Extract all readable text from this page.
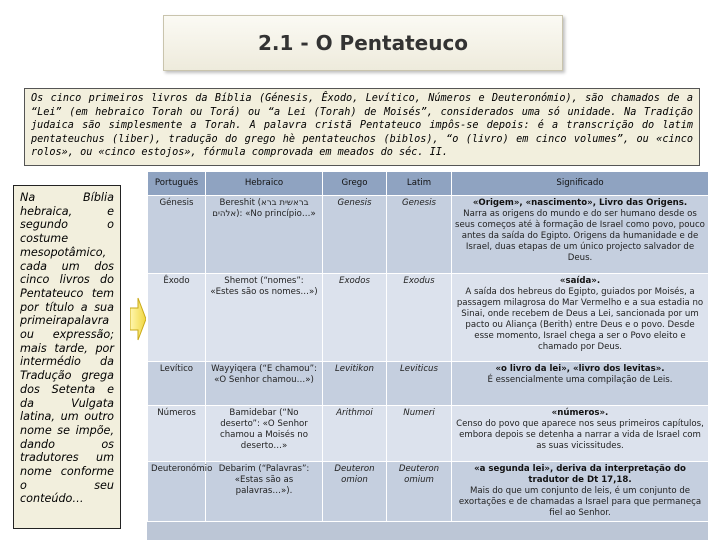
2.1 - O Pentateuco
Os cinco primeiros livros da Bíblia (Génesis, Êxodo, Levítico, Números e Deuteronómio), são chamados de a “Lei” (em hebraico Torah ou Torá) ou “a Lei (Torah) de Moisés”, considerados uma só unidade. Na Tradição judaica são simplesmente a Torah. A palavra cristã Pentateuco impôs-se depois: é a transcrição do latim pentateuchus (liber), tradução do grego hè pentateuchos (biblos), “o (livro) em cinco volumes”, ou «cinco rolos», ou «cinco estojos», fórmula comprovada em meados do séc. II.
Na Bíblia hebraica, e segundo o costume mesopotâmico, cada um dos cinco livros do Pentateuco tem por título a sua primeirapalavra ou expressão; mais tarde, por intermédio da Tradução grega dos Setenta e da Vulgata latina, um outro nome se impõe, dando os tradutores um nome conforme o seu conteúdo…
Português	Hebraico	Grego	Latim	Significado
Génesis	Bereshit (בראשית ברא אלהים): «No princípio…»	Genesis	Genesis	«Origem», «nascimento», Livro das Origens.
Narra as origens do mundo e do ser humano desde os seus começos até à formação de Israel como povo, pouco antes da saída do Egipto. Origens da humanidade e de Israel, duas etapas de um único projecto salvador de Deus.

Êxodo	Shemot (“nomes”: «Estes são os nomes…»)	Exodos	Exodus	«saída».
A saída dos hebreus do Egipto, guiados por Moisés, a passagem milagrosa do Mar Vermelho e a sua estadia no Sinai, onde recebem de Deus a Lei, sancionada por um pacto ou Aliança (Berith) entre Deus e o povo. Desde esse momento, Israel chega a ser o Povo eleito e chamado por Deus.

Levítico	Wayyiqera (“E chamou”: «O Senhor chamou…»)	Levitikon	Leviticus	«o livro da lei», «livro dos levitas».
É essencialmente uma compilação de Leis.

Números	Bamidebar (“No deserto”: «O Senhor chamou a Moisés no deserto…»	Arithmoi	Numeri	«números».
Censo do povo que aparece nos seus primeiros capítulos, embora depois se detenha a narrar a vida de Israel com as suas vicissitudes.

Deuteronómio	Debarim (“Palavras”: «Estas são as palavras…»).	Deuteron omion	Deuteron omium	«a segunda lei», deriva da interpretação do tradutor de Dt 17,18.
Mais do que um conjunto de leis, é um conjunto de exortações e de chamadas a Israel para que permaneça fiel ao Senhor.
